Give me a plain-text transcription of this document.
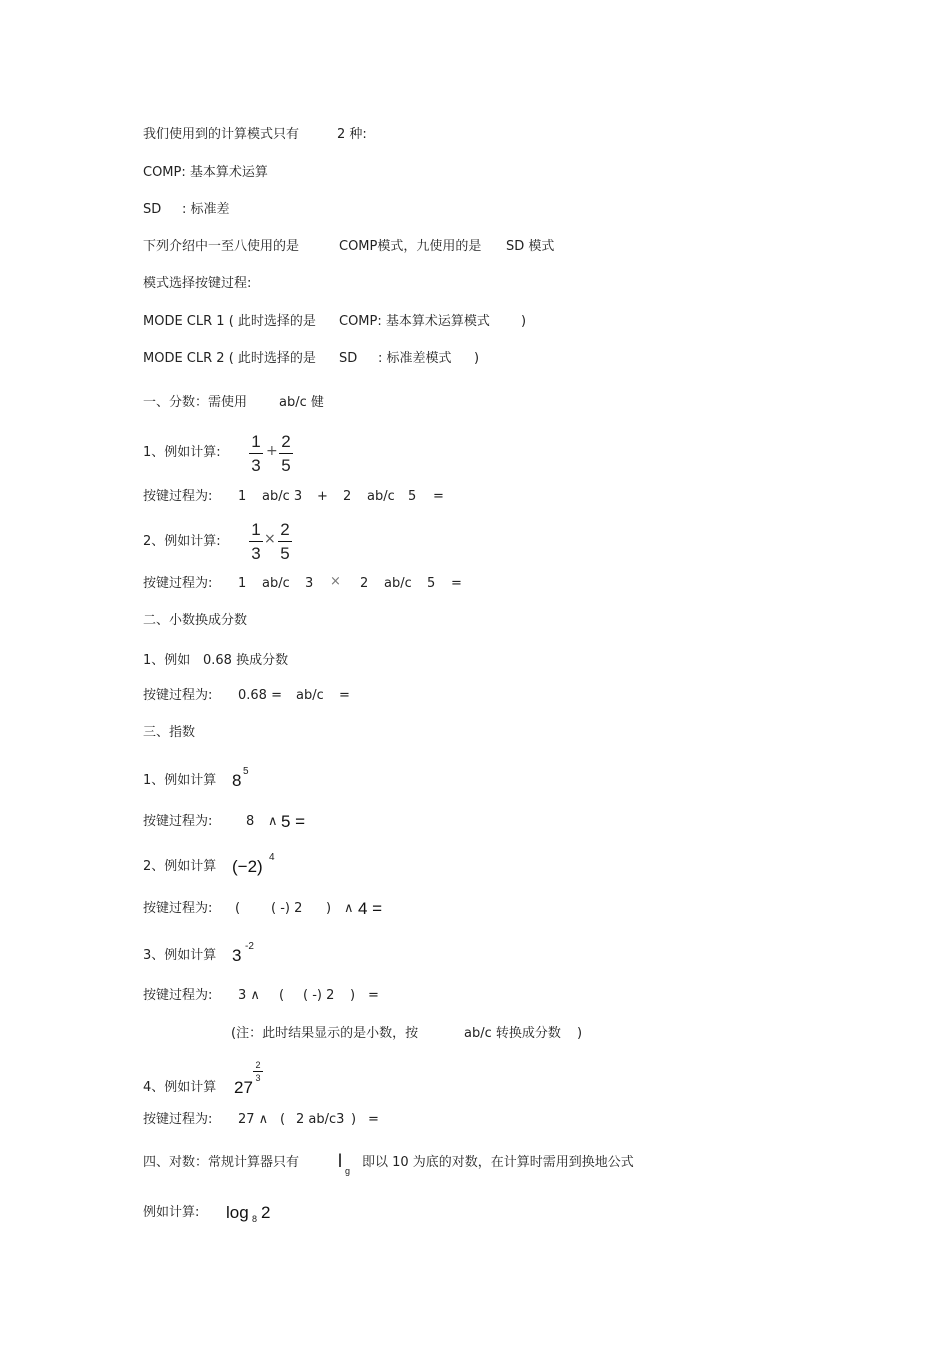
我们使用到的计算模式只有	2 种:
COMP: 基本算术运算
SD : 标准差
下列介绍中一至八使用的是	COMP模式，九使用的是 SD 模式
模式选择按键过程:
MODE CLR 1 ( 此时选择的是 COMP: 基本算术运算模式 )
MODE CLR 2 ( 此时选择的是 SD : 标准差模式 )
一、分数：需使用 ab/c 健
1、例如计算:
1
3
+ 2
5
按键过程为: 1 ab/c 3 + 2 ab/c 5 =
2、例如计算:
1
3
× 2
5
按键过程为: 1 ab/c 3 × 2 ab/c 5 =
二、小数换成分数
1、例如 0.68 换成分数
按键过程为: 0.68 = ab/c =
三、指数
1、例如计算 8 5
按键过程为:	8 ∧ 5 =
2、例如计算 (−2) 4
按键过程为: ( ( -) 2 ) ∧ 4 =
3、例如计算 3 -2
按键过程为: 3 ∧ ( ( -) 2 ) =
(注：此时结果显示的是小数，按	ab/c 转换成分数 )
4、例如计算 27
2
3
按键过程为: 27 ∧ ( 2 ab/c3 ) =
四、对数：常规计算器只有 l g
即以 10 为底的对数，在计算时需用到换地公式
例如计算: log 8 2
